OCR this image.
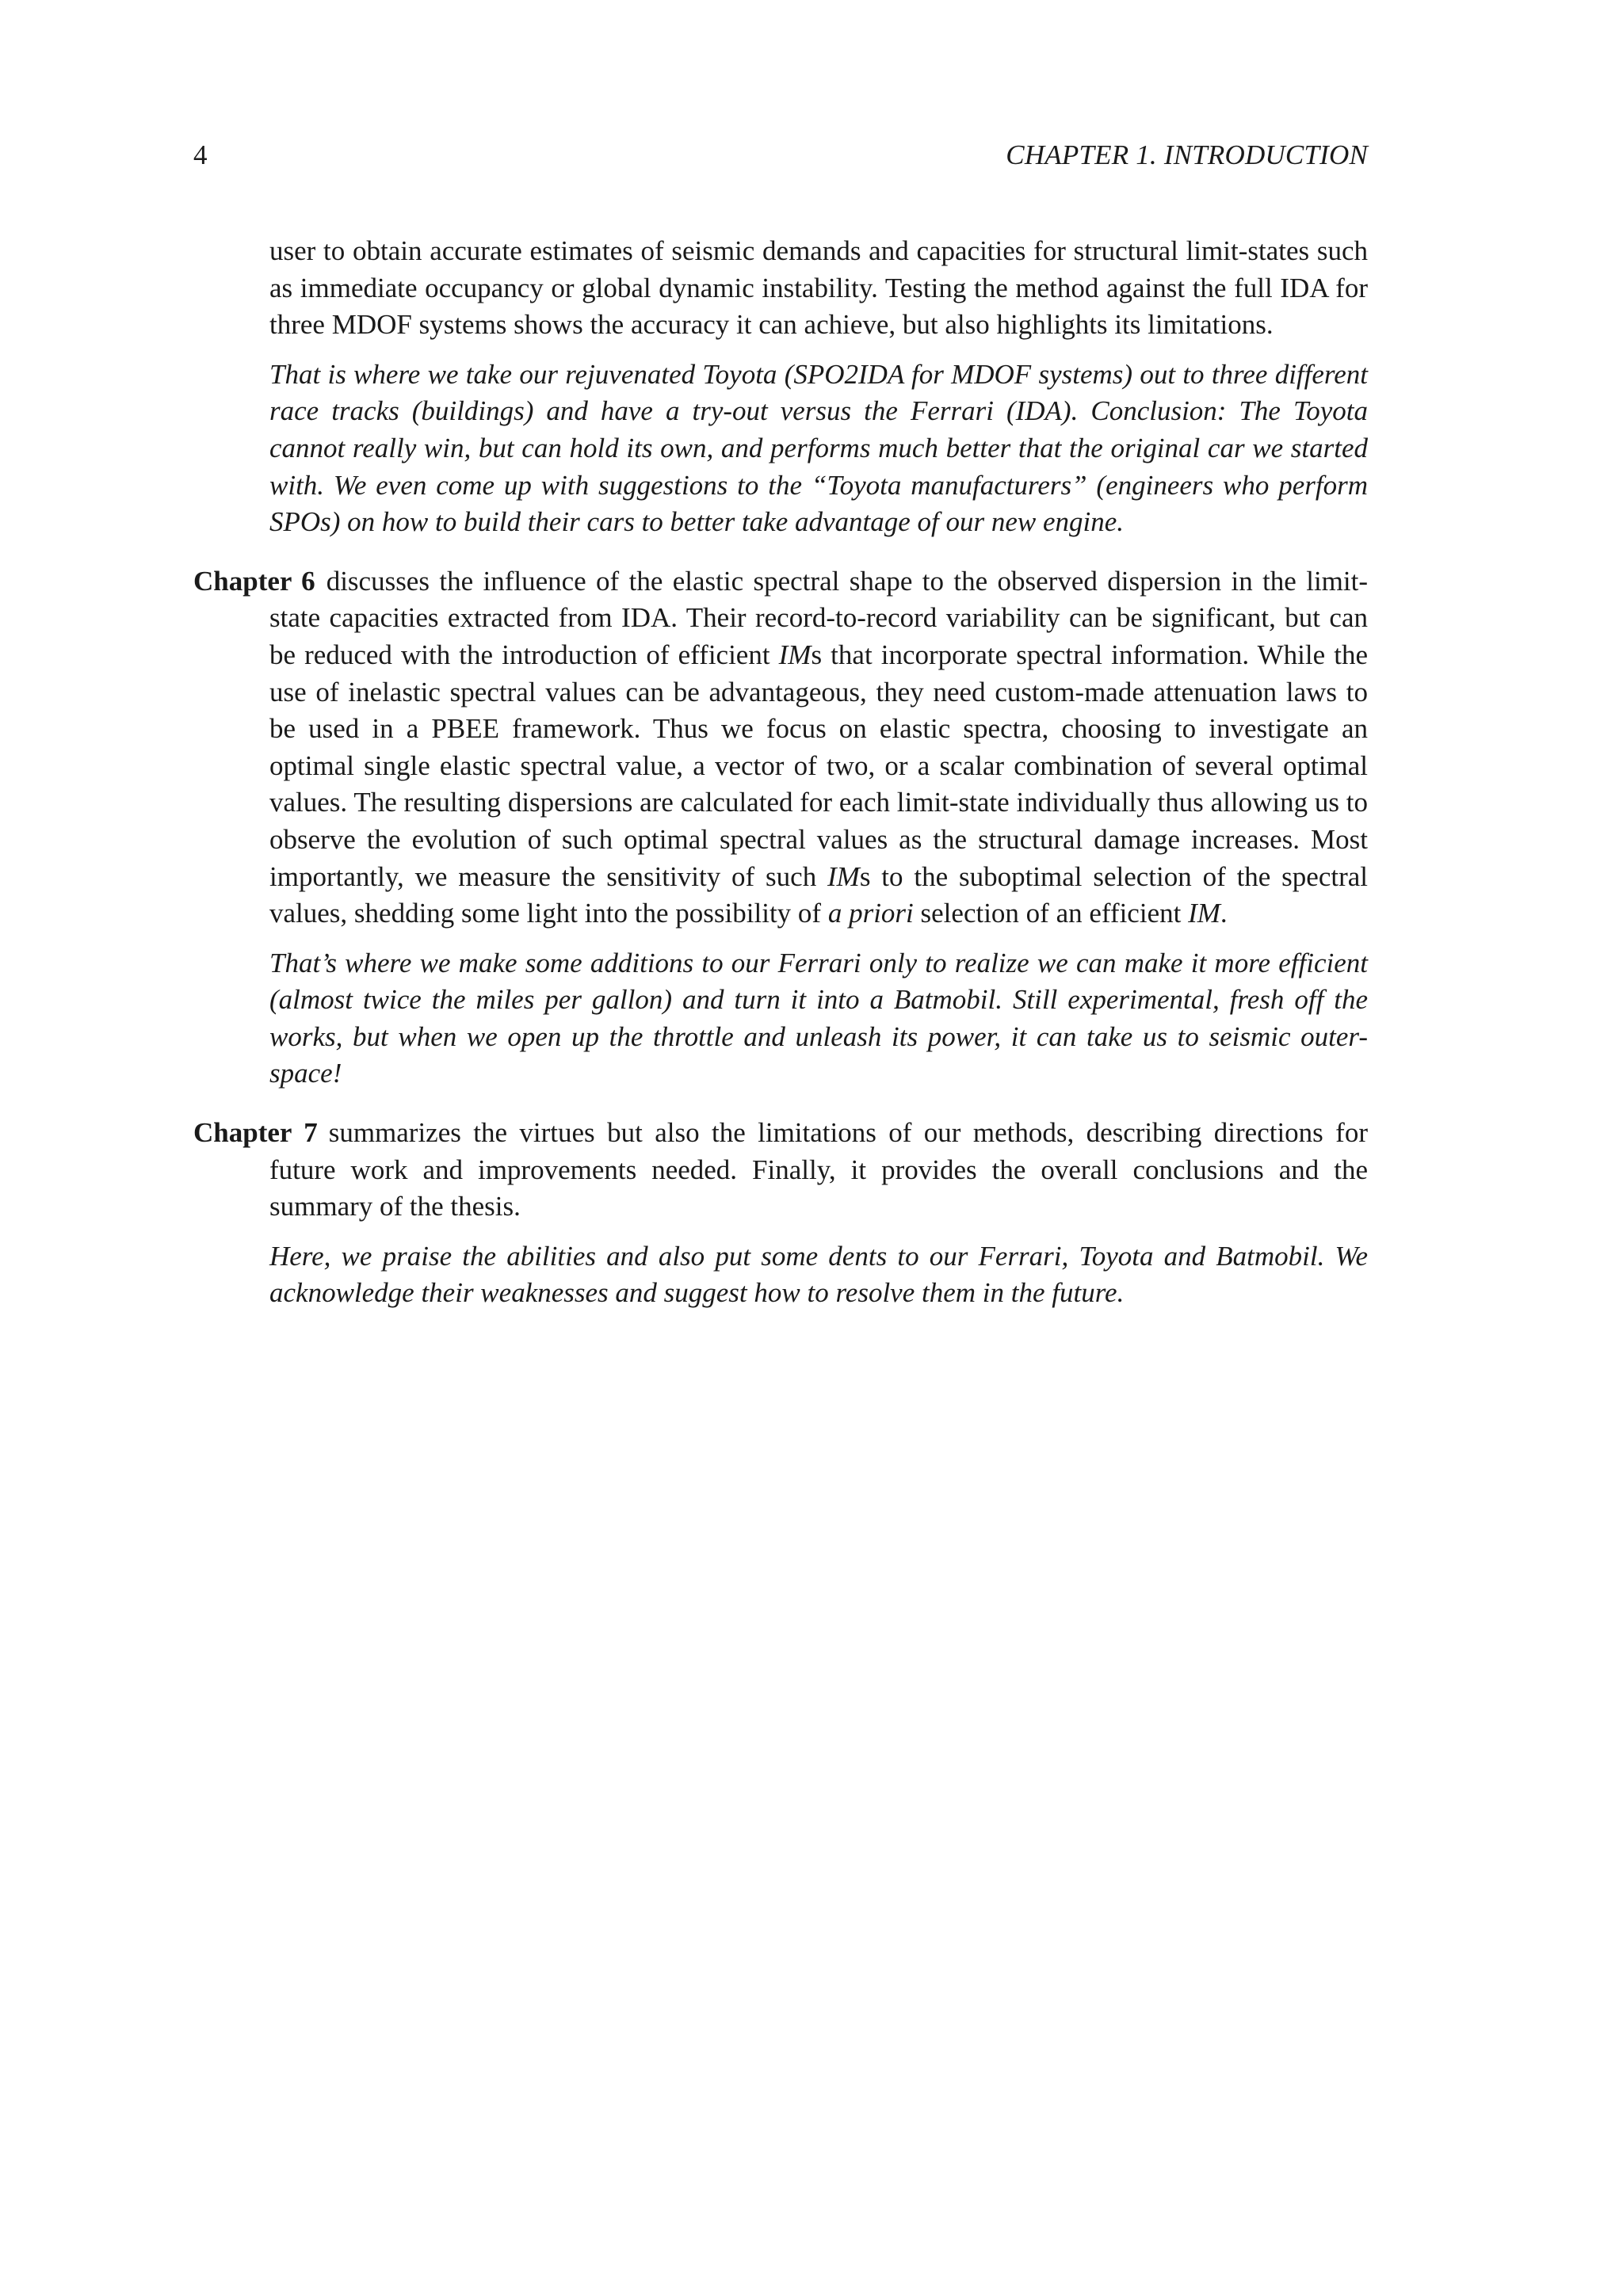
4	CHAPTER 1. INTRODUCTION

user to obtain accurate estimates of seismic demands and capacities for structural limit-states such as immediate occupancy or global dynamic instability. Testing the method against the full IDA for three MDOF systems shows the accuracy it can achieve, but also highlights its limitations.

That is where we take our rejuvenated Toyota (SPO2IDA for MDOF systems) out to three different race tracks (buildings) and have a try-out versus the Ferrari (IDA). Conclusion: The Toyota cannot really win, but can hold its own, and performs much better that the original car we started with. We even come up with suggestions to the “Toyota manufacturers” (engineers who perform SPOs) on how to build their cars to better take advantage of our new engine.

Chapter 6 discusses the influence of the elastic spectral shape to the observed dispersion in the limit-state capacities extracted from IDA. Their record-to-record variability can be significant, but can be reduced with the introduction of efficient IMs that incorporate spectral information. While the use of inelastic spectral values can be advantageous, they need custom-made attenuation laws to be used in a PBEE framework. Thus we focus on elastic spectra, choosing to investigate an optimal single elastic spectral value, a vector of two, or a scalar combination of several optimal values. The resulting dispersions are calculated for each limit-state individually thus allowing us to observe the evolution of such optimal spectral values as the structural damage increases. Most importantly, we measure the sensitivity of such IMs to the suboptimal selection of the spectral values, shedding some light into the possibility of a priori selection of an efficient IM.

That’s where we make some additions to our Ferrari only to realize we can make it more efficient (almost twice the miles per gallon) and turn it into a Batmobil. Still experimental, fresh off the works, but when we open up the throttle and unleash its power, it can take us to seismic outer-space!

Chapter 7 summarizes the virtues but also the limitations of our methods, describing directions for future work and improvements needed. Finally, it provides the overall conclusions and the summary of the thesis.

Here, we praise the abilities and also put some dents to our Ferrari, Toyota and Batmobil. We acknowledge their weaknesses and suggest how to resolve them in the future.
